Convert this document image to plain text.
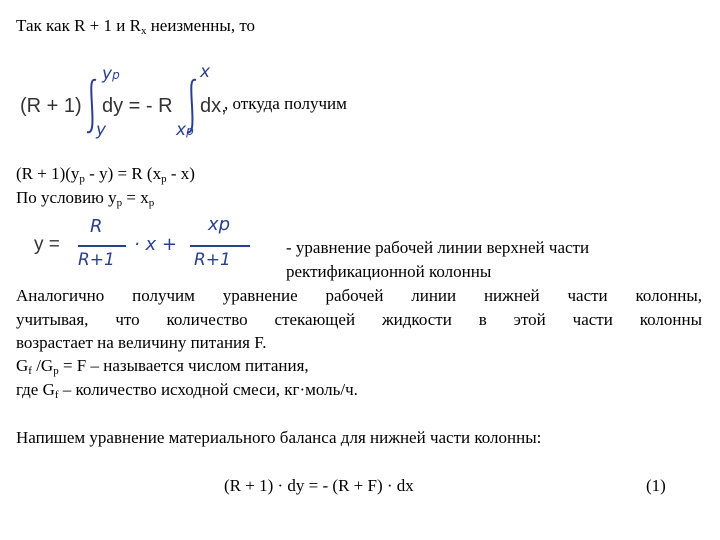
Так как R + 1 и $R_x$ неизменны, то
(R + 1)
yp
y
dy = - R
x
xp
dx,
, откуда получим
$(R + 1)(y_p - y) = R$ $(x_p - x)$
По условию $y_p = x_p$
y =
R
R+1
· x +
xp
R+1
- уравнение рабочей линии верхней части
ректификационной колонны
Аналогично получим уравнение рабочей линии нижней части колонны,
учитывая, что количество стекающей жидкости в этой части колонны
возрастает на величину питания F.
$G_f$ $/G_p = F$ – называется числом питания,
где $G_f$ – количество исходной смеси, кг·моль/ч.
Напишем уравнение материального баланса для нижней части колонны:
(R + 1) · dy = - (R + F) · dx	(1)
